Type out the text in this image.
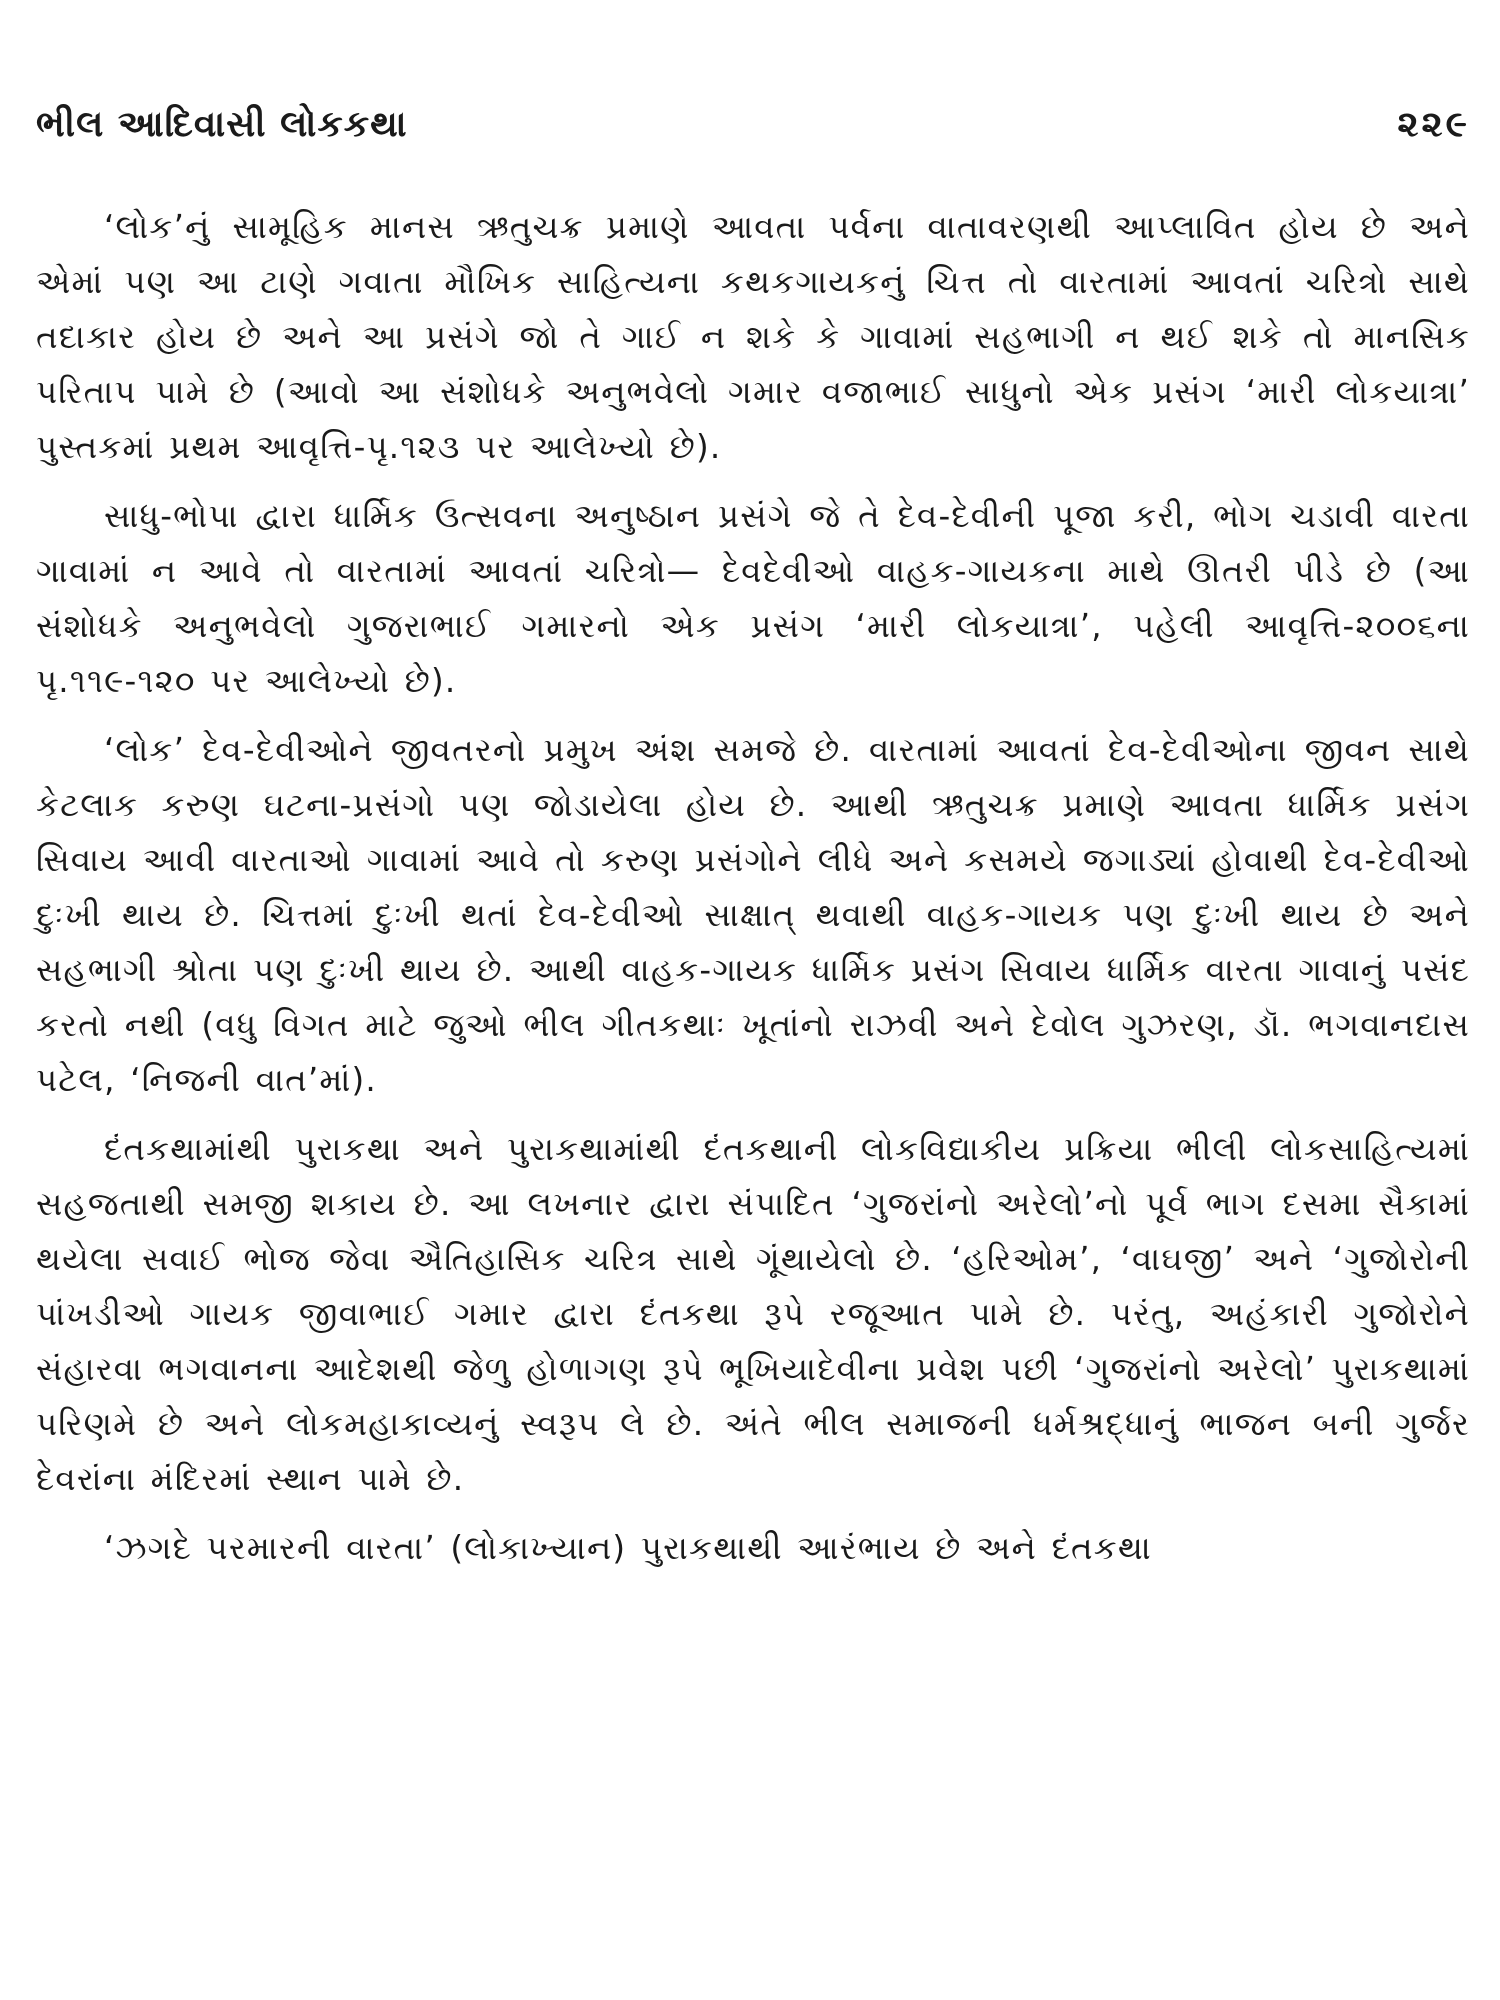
ભીલ આદિવાસી લોકકથા	૨૨૯

‘લોક’નું સામૂહિક માનસ ઋતુચક્ર પ્રમાણે આવતા પર્વના વાતાવરણથી આપ્લાવિત હોય છે અને એમાં પણ આ ટાણે ગવાતા મૌખિક સાહિત્યના કથકગાયકનું ચિત્ત તો વારતામાં આવતાં ચરિત્રો સાથે તદાકાર હોય છે અને આ પ્રસંગે જો તે ગાઈ ન શકે કે ગાવામાં સહભાગી ન થઈ શકે તો માનસિક પરિતાપ પામે છે (આવો આ સંશોધકે અનુભવેલો ગમાર વજાભાઈ સાધુનો એક પ્રસંગ ‘મારી લોકયાત્રા’ પુસ્તકમાં પ્રથમ આવૃત્તિ-પૃ.૧૨૩ પર આલેખ્યો છે).

સાધુ-ભોપા દ્વારા ધાર્મિક ઉત્સવના અનુષ્ઠાન પ્રસંગે જે તે દેવ-દેવીની પૂજા કરી, ભોગ ચડાવી વારતા ગાવામાં ન આવે તો વારતામાં આવતાં ચરિત્રો— દેવદેવીઓ વાહક-ગાયકના માથે ઊતરી પીડે છે (આ સંશોધકે અનુભવેલો ગુજરાભાઈ ગમારનો એક પ્રસંગ ‘મારી લોકયાત્રા’, પહેલી આવૃત્તિ-૨૦૦૬ના પૃ.૧૧૯-૧૨૦ પર આલેખ્યો છે).

‘લોક’ દેવ-દેવીઓને જીવતરનો પ્રમુખ અંશ સમજે છે. વારતામાં આવતાં દેવ-દેવીઓના જીવન સાથે કેટલાક કરુણ ઘટના-પ્રસંગો પણ જોડાયેલા હોય છે. આથી ઋતુચક્ર પ્રમાણે આવતા ધાર્મિક પ્રસંગ સિવાય આવી વારતાઓ ગાવામાં આવે તો કરુણ પ્રસંગોને લીધે અને કસમયે જગાડ્યાં હોવાથી દેવ-દેવીઓ દુઃખી થાય છે. ચિત્તમાં દુઃખી થતાં દેવ-દેવીઓ સાક્ષાત્ થવાથી વાહક-ગાયક પણ દુઃખી થાય છે અને સહભાગી શ્રોતા પણ દુઃખી થાય છે. આથી વાહક-ગાયક ધાર્મિક પ્રસંગ સિવાય ધાર્મિક વારતા ગાવાનું પસંદ કરતો નથી (વધુ વિગત માટે જુઓ ભીલ ગીતકથાઃ ખૂતાંનો રાઝવી અને દેવોલ ગુઝરણ, ડૉ. ભગવાનદાસ પટેલ, ‘નિજની વાત’માં).

દંતકથામાંથી પુરાકથા અને પુરાકથામાંથી દંતકથાની લોકવિદ્યાકીય પ્રક્રિયા ભીલી લોકસાહિત્યમાં સહજતાથી સમજી શકાય છે. આ લખનાર દ્વારા સંપાદિત ‘ગુજરાંનો અરેલો’નો પૂર્વ ભાગ દસમા સૈકામાં થયેલા સવાઈ ભોજ જેવા ઐતિહાસિક ચરિત્ર સાથે ગૂંથાયેલો છે. ‘હરિઓમ’, ‘વાઘજી’ અને ‘ગુજોરોની પાંખડીઓ ગાયક જીવાભાઈ ગમાર દ્વારા દંતકથા રૂપે રજૂઆત પામે છે. પરંતુ, અહંકારી ગુજોરોને સંહારવા ભગવાનના આદેશથી જેળુ હોળાગણ રૂપે ભૂખિયાદેવીના પ્રવેશ પછી ‘ગુજરાંનો અરેલો’ પુરાકથામાં પરિણમે છે અને લોકમહાકાવ્યનું સ્વરૂપ લે છે. અંતે ભીલ સમાજની ધર્મશ્રદ્ધાનું ભાજન બની ગુર્જર દેવરાંના મંદિરમાં સ્થાન પામે છે.

‘ઝગદે પરમારની વારતા’ (લોકાખ્યાન) પુરાકથાથી આરંભાય છે અને દંતકથા
